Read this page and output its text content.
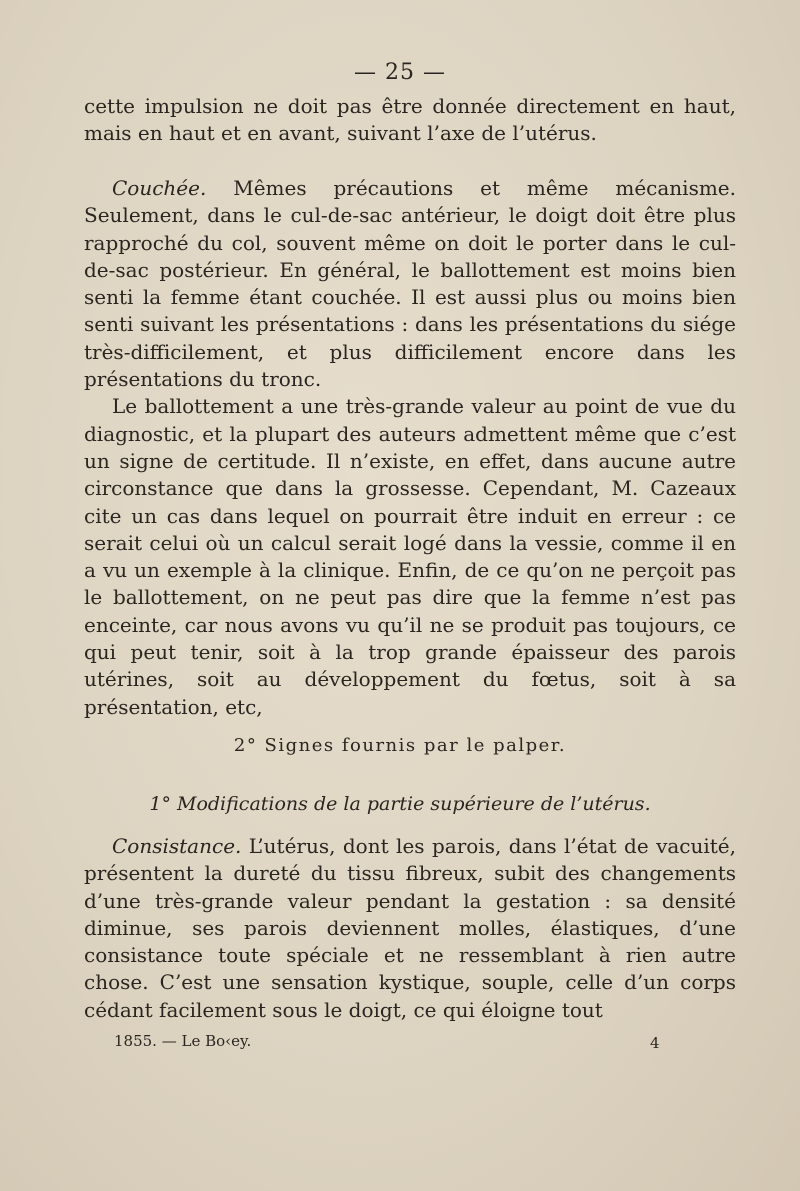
— 25 —

cette impulsion ne doit pas être donnée directement en haut, mais en haut et en avant, suivant l’axe de l’utérus.

Couchée. Mêmes précautions et même mécanisme. Seulement, dans le cul-de-sac antérieur, le doigt doit être plus rapproché du col, souvent même on doit le porter dans le cul-de-sac postérieur. En général, le ballottement est moins bien senti la femme étant couchée. Il est aussi plus ou moins bien senti suivant les présentations : dans les présentations du siége très-difficilement, et plus difficilement encore dans les présentations du tronc.

Le ballottement a une très-grande valeur au point de vue du diagnostic, et la plupart des auteurs admettent même que c’est un signe de certitude. Il n’existe, en effet, dans aucune autre circonstance que dans la grossesse. Cependant, M. Cazeaux cite un cas dans lequel on pourrait être induit en erreur : ce serait celui où un calcul serait logé dans la vessie, comme il en a vu un exemple à la clinique. Enfin, de ce qu’on ne perçoit pas le ballottement, on ne peut pas dire que la femme n’est pas enceinte, car nous avons vu qu’il ne se produit pas toujours, ce qui peut tenir, soit à la trop grande épaisseur des parois utérines, soit au développement du fœtus, soit à sa présentation, etc,

2° Signes fournis par le palper.
1° Modifications de la partie supérieure de l’utérus.

Consistance. L’utérus, dont les parois, dans l’état de vacuité, présentent la dureté du tissu fibreux, subit des changements d’une très-grande valeur pendant la gestation : sa densité diminue, ses parois deviennent molles, élastiques, d’une consistance toute spéciale et ne ressemblant à rien autre chose. C’est une sensation kystique, souple, celle d’un corps cédant facilement sous le doigt, ce qui éloigne tout

1855. — Le Bo‹ey.	4
